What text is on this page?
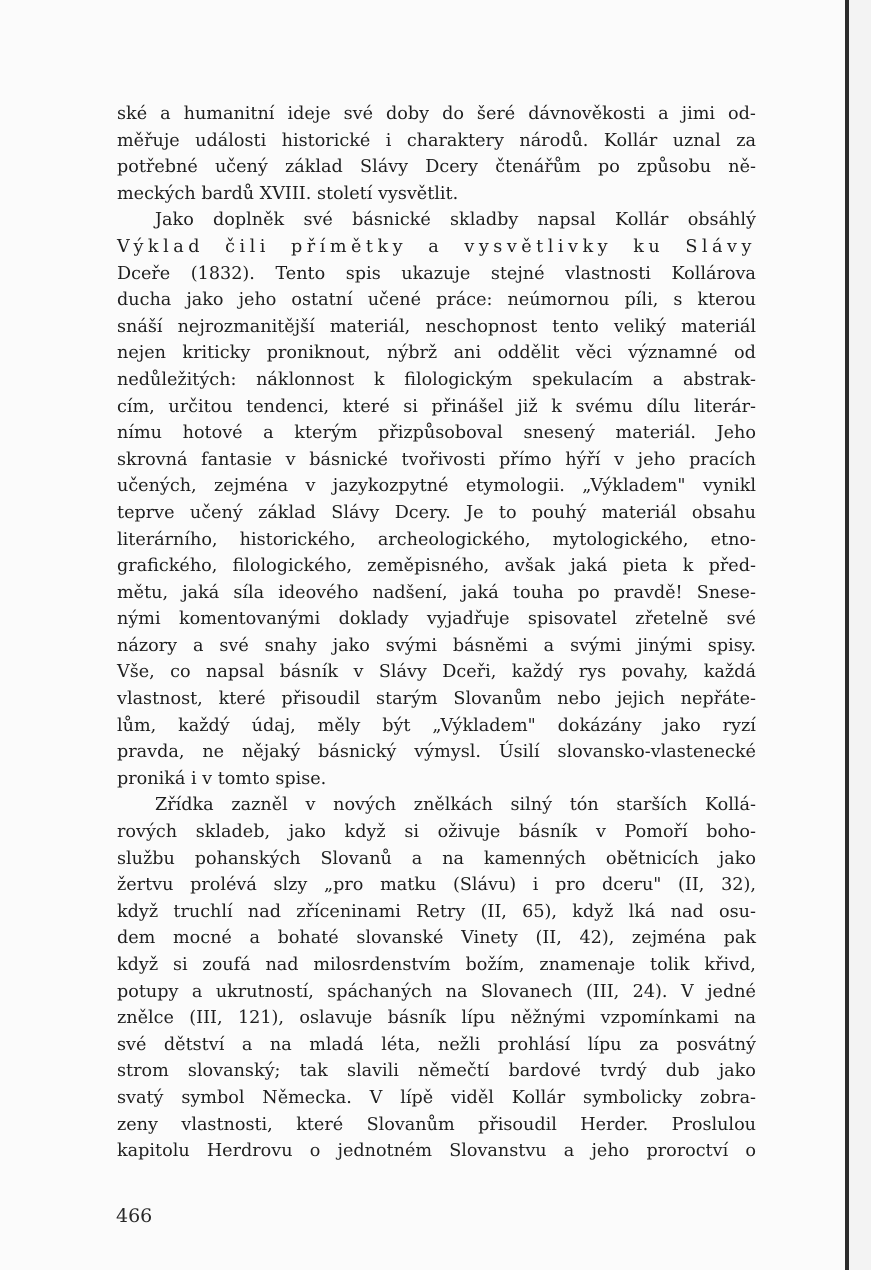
ské a humanitní ideje své doby do šeré dávnověkosti a jimi od-
měřuje události historické i charaktery národů. Kollár uznal za
potřebné učený základ Slávy Dcery čtenářům po způsobu ně-
meckých bardů XVIII. století vysvětlit.
Jako doplněk své básnické skladby napsal Kollár obsáhlý
Výklad čili přímětky a vysvětlivky ku Slávy
Dceře (1832). Tento spis ukazuje stejné vlastnosti Kollárova
ducha jako jeho ostatní učené práce: neúmornou píli, s kterou
snáší nejrozmanitější materiál, neschopnost tento veliký materiál
nejen kriticky proniknout, nýbrž ani oddělit věci významné od
nedůležitých: náklonnost k filologickým spekulacím a abstrak-
cím, určitou tendenci, které si přinášel již k svému dílu literár-
nímu hotové a kterým přizpůsoboval snesený materiál. Jeho
skrovná fantasie v básnické tvořivosti přímo hýří v jeho pracích
učených, zejména v jazykozpytné etymologii. „Výkladem" vynikl
teprve učený základ Slávy Dcery. Je to pouhý materiál obsahu
literárního, historického, archeologického, mytologického, etno-
grafického, filologického, zeměpisného, avšak jaká pieta k před-
mětu, jaká síla ideového nadšení, jaká touha po pravdě! Snese-
nými komentovanými doklady vyjadřuje spisovatel zřetelně své
názory a své snahy jako svými básněmi a svými jinými spisy.
Vše, co napsal básník v Slávy Dceři, každý rys povahy, každá
vlastnost, které přisoudil starým Slovanům nebo jejich nepřáte-
lům, každý údaj, měly být „Výkladem" dokázány jako ryzí
pravda, ne nějaký básnický výmysl. Úsilí slovansko-vlastenecké
proniká i v tomto spise.
Zřídka zazněl v nových znělkách silný tón starších Kollá-
rových skladeb, jako když si oživuje básník v Pomoří boho-
službu pohanských Slovanů a na kamenných obětnicích jako
žertvu prolévá slzy „pro matku (Slávu) i pro dceru" (II, 32),
když truchlí nad zříceninami Retry (II, 65), když lká nad osu-
dem mocné a bohaté slovanské Vinety (II, 42), zejména pak
když si zoufá nad milosrdenstvím božím, znamenaje tolik křivd,
potupy a ukrutností, spáchaných na Slovanech (III, 24). V jedné
znělce (III, 121), oslavuje básník lípu něžnými vzpomínkami na
své dětství a na mladá léta, nežli prohlásí lípu za posvátný
strom slovanský; tak slavili němečtí bardové tvrdý dub jako
svatý symbol Německa. V lípě viděl Kollár symbolicky zobra-
zeny vlastnosti, které Slovanům přisoudil Herder. Proslulou
kapitolu Herdrovu o jednotném Slovanstvu a jeho proroctví o
466
